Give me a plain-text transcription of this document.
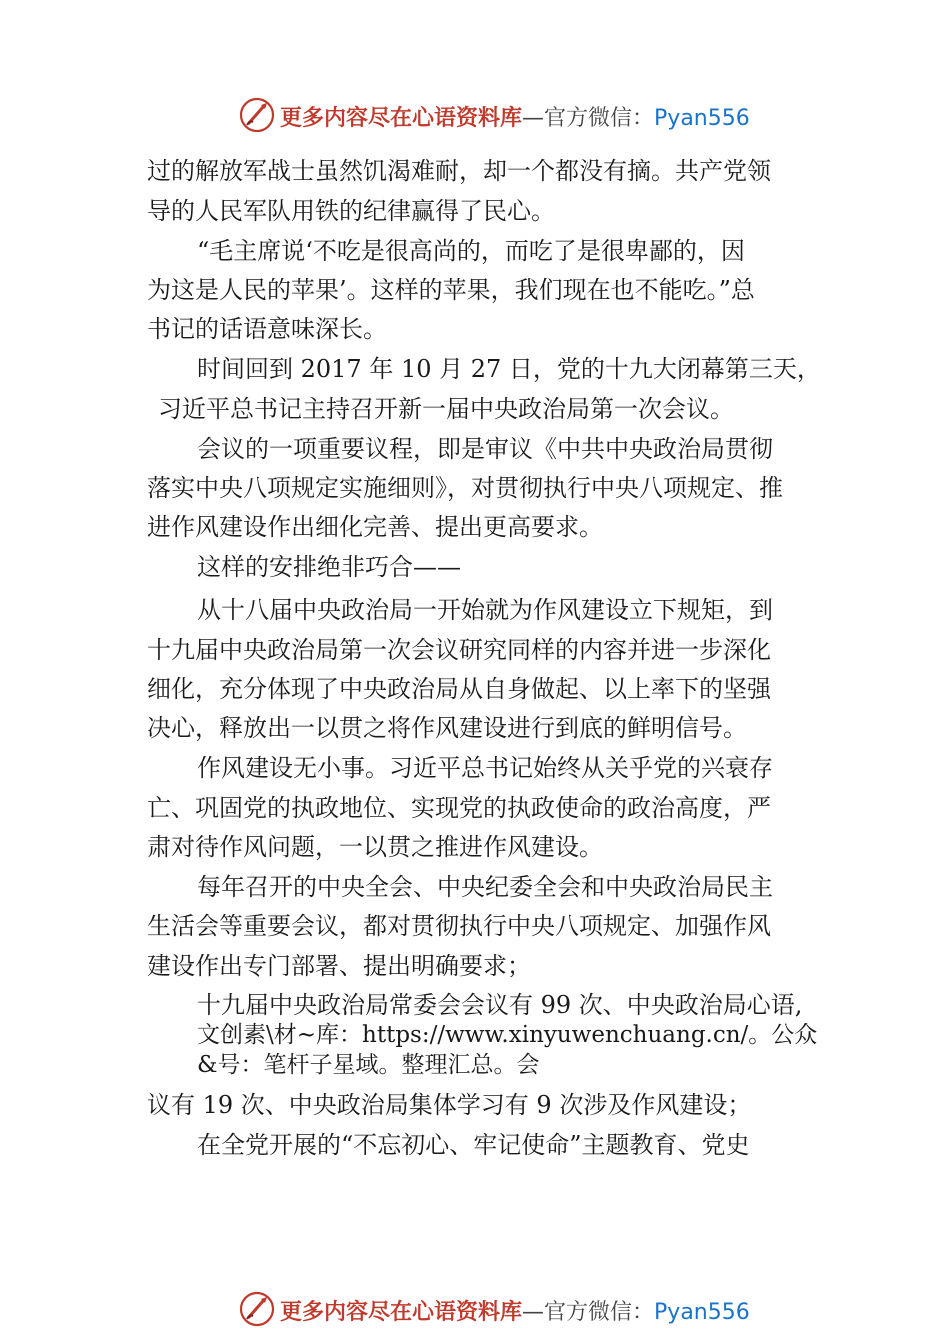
更多内容尽在心语资料库—官方微信：Pyan556
过的解放军战士虽然饥渴难耐，却一个都没有摘。共产党领
导的人民军队用铁的纪律赢得了民心。
“毛主席说‘不吃是很高尚的，而吃了是很卑鄙的，因
为这是人民的苹果’。这样的苹果，我们现在也不能吃。”总
书记的话语意味深长。
时间回到 2017 年 10 月 27 日，党的十九大闭幕第三天，
习近平总书记主持召开新一届中央政治局第一次会议。
会议的一项重要议程，即是审议《中共中央政治局贯彻
落实中央八项规定实施细则》，对贯彻执行中央八项规定、推
进作风建设作出细化完善、提出更高要求。
这样的安排绝非巧合——
从十八届中央政治局一开始就为作风建设立下规矩，到
十九届中央政治局第一次会议研究同样的内容并进一步深化
细化，充分体现了中央政治局从自身做起、以上率下的坚强
决心，释放出一以贯之将作风建设进行到底的鲜明信号。
作风建设无小事。习近平总书记始终从关乎党的兴衰存
亡、巩固党的执政地位、实现党的执政使命的政治高度，严
肃对待作风问题，一以贯之推进作风建设。
每年召开的中央全会、中央纪委全会和中央政治局民主
生活会等重要会议，都对贯彻执行中央八项规定、加强作风
建设作出专门部署、提出明确要求；
十九届中央政治局常委会会议有 99 次、中央政治局心语,
文创素\材~库：https://www.xinyuwenchuang.cn/。公众
&号：笔杆子星域。整理汇总。会
议有 19 次、中央政治局集体学习有 9 次涉及作风建设；
在全党开展的“不忘初心、牢记使命”主题教育、党史
更多内容尽在心语资料库—官方微信：Pyan556
